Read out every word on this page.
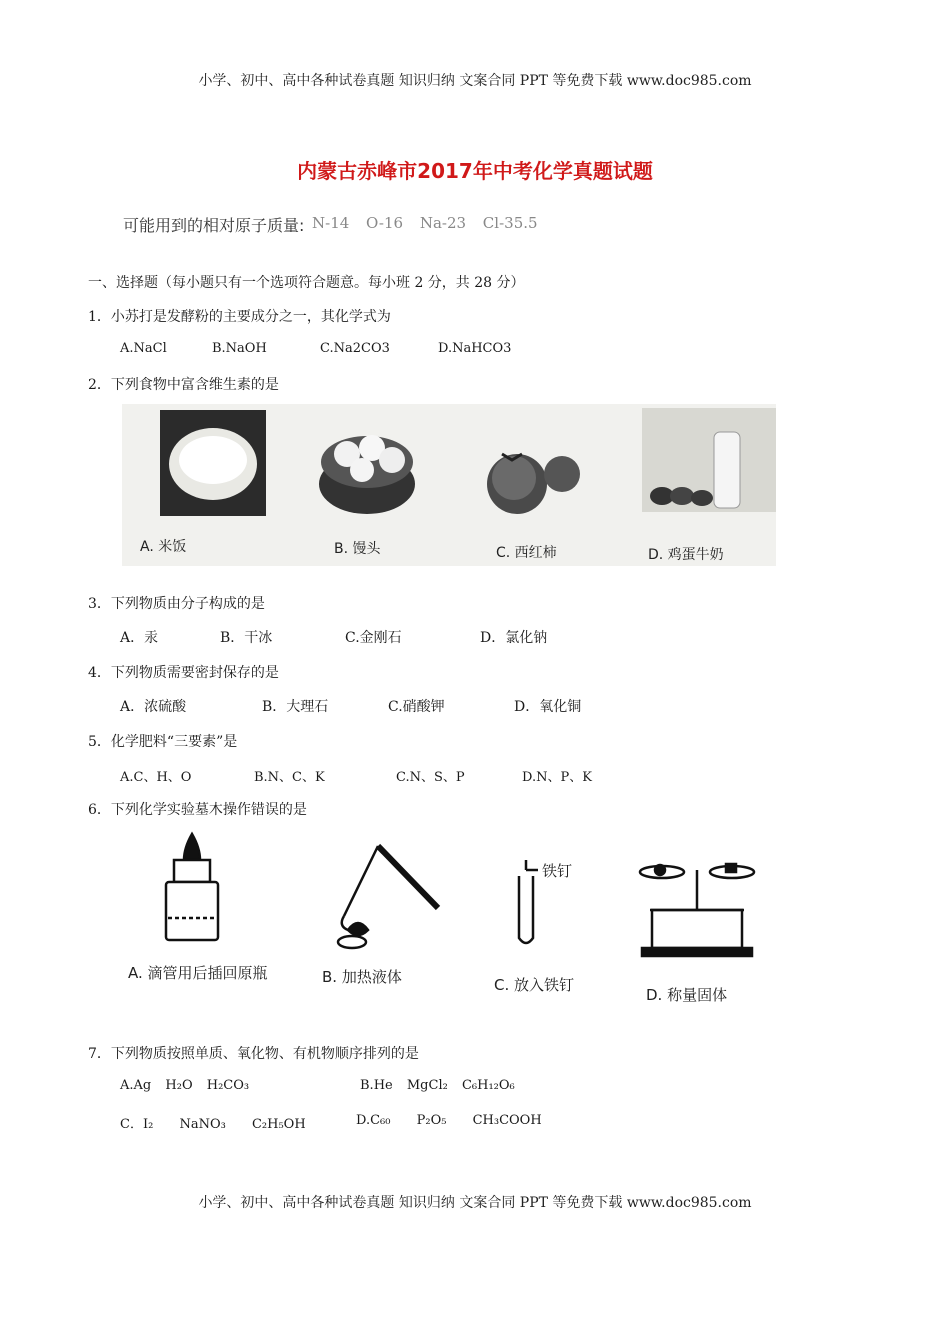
小学、初中、高中各种试卷真题 知识归纳 文案合同 PPT 等免费下载 www.doc985.com
内蒙古赤峰市2017年中考化学真题试题
可能用到的相对原子质量: N-14 O-16 Na-23 Cl-35.5
一、选择题（每小题只有一个选项符合题意。每小班 2 分，共 28 分）
1．小苏打是发酵粉的主要成分之一，其化学式为
A.NaCl	B.NaOH	C.Na2CO3	D.NaHCO3
2．下列食物中富含维生素的是
A. 米饭	B. 馒头	C. 西红柿	D. 鸡蛋牛奶
3．下列物质由分子构成的是
A．汞	B．干冰	C.金刚石	D．氯化钠
4．下列物质需要密封保存的是
A．浓硫酸	B．大理石	C.硝酸钾	D．氧化铜
5．化学肥料“三要素”是
A.C、H、O	B.N、C、K	C.N、S、P	D.N、P、K
6．下列化学实验墓木操作错误的是
铁钉
A. 滴管用后插回原瓶	B. 加热液体	C. 放入铁钉
D. 称量固体
7．下列物质按照单质、氧化物、有机物顺序排列的是
A.Ag H₂O H₂CO₃	B.He MgCl₂ C₆H₁₂O₆
C．I₂ NaNO₃ C₂H₅OH	D.C₆₀ P₂O₅ CH₃COOH
小学、初中、高中各种试卷真题 知识归纳 文案合同 PPT 等免费下载 www.doc985.com
